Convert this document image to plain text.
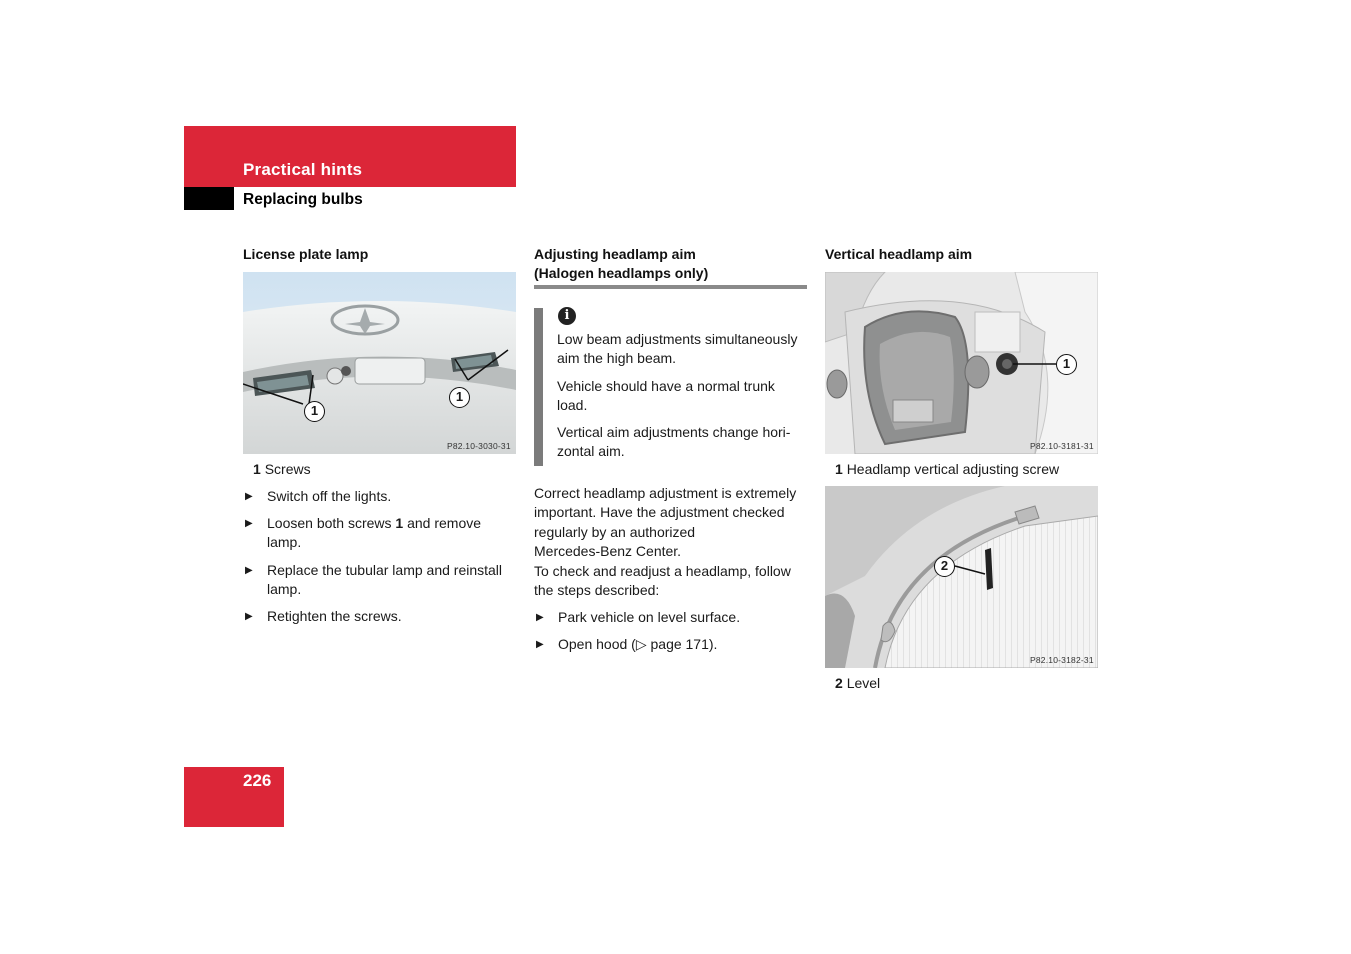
Practical hints
Replacing bulbs
License plate lamp
1
1
P82.10-3030-31
1 Screws
▶ Switch off the lights.
▶ Loosen both screws 1 and remove
lamp.
▶ Replace the tubular lamp and reinstall
lamp.
▶ Retighten the screws.
Adjusting headlamp aim
(Halogen headlamps only)
i
Low beam adjustments simultaneously
aim the high beam.
Vehicle should have a normal trunk
load.
Vertical aim adjustments change hori-
zontal aim.
Correct headlamp adjustment is extremely
important. Have the adjustment checked
regularly by an authorized
Mercedes-Benz Center.
To check and readjust a headlamp, follow
the steps described:
▶ Park vehicle on level surface.
▶ Open hood (▷ page 171).
Vertical headlamp aim
1
P82.10-3181-31
1 Headlamp vertical adjusting screw
2
P82.10-3182-31
2 Level
226
